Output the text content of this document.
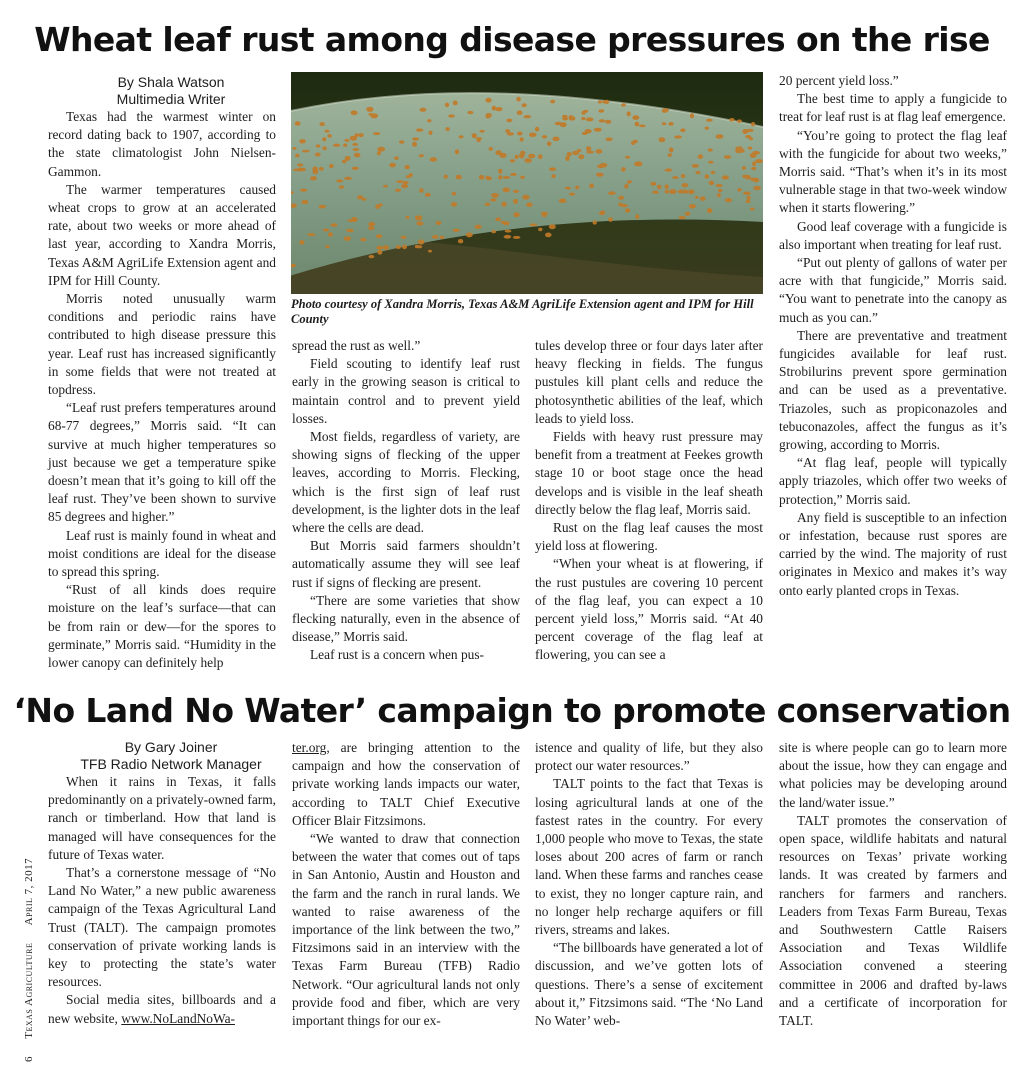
Wheat leaf rust among disease pressures on the rise

By Shala Watson

Multimedia Writer

Texas had the warmest winter on record dating back to 1907, according to the state climatologist John Nielsen-Gammon.

The warmer temperatures caused wheat crops to grow at an accelerated rate, about two weeks or more ahead of last year, according to Xandra Morris, Texas A&M AgriLife Extension agent and IPM for Hill County.

Morris noted unusually warm conditions and periodic rains have contributed to high disease pressure this year. Leaf rust has increased significantly in some fields that were not treated at topdress.

“Leaf rust prefers temperatures around 68-77 degrees,” Morris said. “It can survive at much higher temperatures so just because we get a temperature spike doesn’t mean that it’s going to kill off the leaf rust. They’ve been shown to survive 85 degrees and higher.”

Leaf rust is mainly found in wheat and moist conditions are ideal for the disease to spread this spring.

“Rust of all kinds does require moisture on the leaf’s surface—that can be from rain or dew—for the spores to germinate,” Morris said. “Humidity in the lower canopy can definitely help

Photo courtesy of Xandra Morris, Texas A&M AgriLife Extension agent and IPM for Hill County

spread the rust as well.”

Field scouting to identify leaf rust early in the growing season is critical to maintain control and to prevent yield losses.

Most fields, regardless of variety, are showing signs of flecking of the upper leaves, according to Morris. Flecking, which is the first sign of leaf rust development, is the lighter dots in the leaf where the cells are dead.

But Morris said farmers shouldn’t automatically assume they will see leaf rust if signs of flecking are present.

“There are some varieties that show flecking naturally, even in the absence of disease,” Morris said.

Leaf rust is a concern when pus-

tules develop three or four days later after heavy flecking in fields. The fungus pustules kill plant cells and reduce the photosynthetic abilities of the leaf, which leads to yield loss.

Fields with heavy rust pressure may benefit from a treatment at Feekes growth stage 10 or boot stage once the head develops and is visible in the leaf sheath directly below the flag leaf, Morris said.

Rust on the flag leaf causes the most yield loss at flowering.

“When your wheat is at flowering, if the rust pustules are covering 10 percent of the flag leaf, you can expect a 10 percent yield loss,” Morris said. “At 40 percent coverage of the flag leaf at flowering, you can see a

20 percent yield loss.”

The best time to apply a fungicide to treat for leaf rust is at flag leaf emergence.

“You’re going to protect the flag leaf with the fungicide for about two weeks,” Morris said. “That’s when it’s in its most vulnerable stage in that two-week window when it starts flowering.”

Good leaf coverage with a fungicide is also important when treating for leaf rust.

“Put out plenty of gallons of water per acre with that fungicide,” Morris said. “You want to penetrate into the canopy as much as you can.”

There are preventative and treatment fungicides available for leaf rust. Strobilurins prevent spore germination and can be used as a preventative. Triazoles, such as propiconazoles and tebuconazoles, affect the fungus as it’s growing, according to Morris.

“At flag leaf, people will typically apply triazoles, which offer two weeks of protection,” Morris said.

Any field is susceptible to an infection or infestation, because rust spores are carried by the wind. The majority of rust originates in Mexico and makes it’s way onto early planted crops in Texas.

‘No Land No Water’ campaign to promote conservation

By Gary Joiner

TFB Radio Network Manager

When it rains in Texas, it falls predominantly on a privately-owned farm, ranch or timberland. How that land is managed will have consequences for the future of Texas water.

That’s a cornerstone message of “No Land No Water,” a new public awareness campaign of the Texas Agricultural Land Trust (TALT). The campaign promotes conservation of private working lands is key to protecting the state’s water resources.

Social media sites, billboards and a new website, www.NoLandNoWa-

ter.org, are bringing attention to the campaign and how the conservation of private working lands impacts our water, according to TALT Chief Executive Officer Blair Fitzsimons.

“We wanted to draw that connection between the water that comes out of taps in San Antonio, Austin and Houston and the farm and the ranch in rural lands. We wanted to raise awareness of the importance of the link between the two,” Fitzsimons said in an interview with the Texas Farm Bureau (TFB) Radio Network. “Our agricultural lands not only provide food and fiber, which are very important things for our ex-

istence and quality of life, but they also protect our water resources.”

TALT points to the fact that Texas is losing agricultural lands at one of the fastest rates in the country. For every 1,000 people who move to Texas, the state loses about 200 acres of farm or ranch land. When these farms and ranches cease to exist, they no longer capture rain, and no longer help recharge aquifers or fill rivers, streams and lakes.

“The billboards have generated a lot of discussion, and we’ve gotten lots of questions. There’s a sense of excitement about it,” Fitzsimons said. “The ‘No Land No Water’ web-

site is where people can go to learn more about the issue, how they can engage and what policies may be developing around the land/water issue.”

TALT promotes the conservation of open space, wildlife habitats and natural resources on Texas’ private working lands. It was created by farmers and ranchers for farmers and ranchers. Leaders from Texas Farm Bureau, Texas and Southwestern Cattle Raisers Association and Texas Wildlife Association convened a steering committee in 2006 and drafted by-laws and a certificate of incorporation for TALT.

6 Texas Agriculture April 7, 2017
